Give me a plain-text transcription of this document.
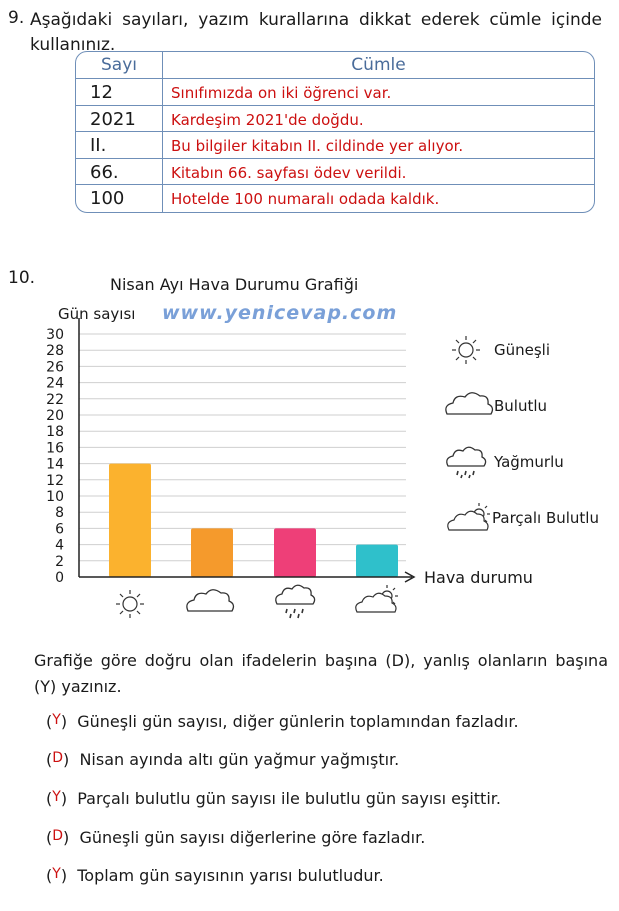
9. Aşağıdaki sayıları, yazım kurallarına dikkat ederek cümle içinde kullanınız.
Sayı	Cümle
12	Sınıfımızda on iki öğrenci var.
2021	Kardeşim 2021'de doğdu.
II.	Bu bilgiler kitabın II. cildinde yer alıyor.
66.	Kitabın 66. sayfası ödev verildi.
100	Hotelde 100 numaralı odada kaldık.
10.	Nisan Ayı Hava Durumu Grafiği
www.yenicevap.com
Gün sayısı
0
2
4
6
8
10
12
14
16
18
20
22
24
26
28
30
Hava durumu
Güneşli
Bulutlu
Yağmurlu
Parçalı Bulutlu
Grafiğe göre doğru olan ifadelerin başına (D), yanlış olanların başına (Y) yazınız.
( Y )
Güneşli gün sayısı, diğer günlerin toplamından fazladır.
( D )
Nisan ayında altı gün yağmur yağmıştır.
( Y )
Parçalı bulutlu gün sayısı ile bulutlu gün sayısı eşittir.
( D )
Güneşli gün sayısı diğerlerine göre fazladır.
( Y )
Toplam gün sayısının yarısı bulutludur.
